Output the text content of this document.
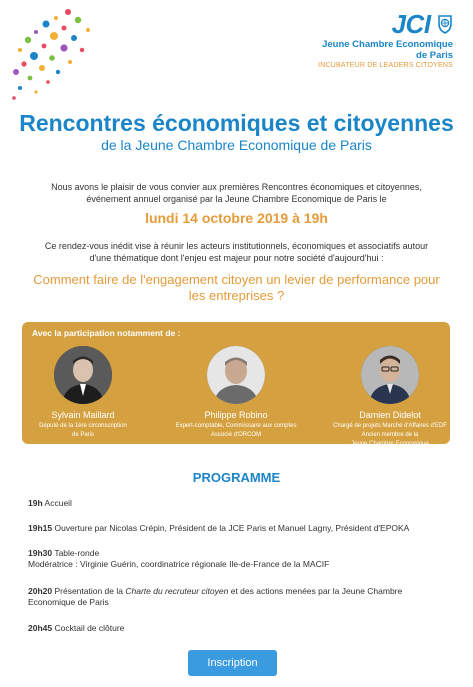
JCI
Jeune Chambre Economique
de Paris
INCUBATEUR DE LEADERS CITOYENS
Rencontres économiques et citoyennes
de la Jeune Chambre Economique de Paris
Nous avons le plaisir de vous convier aux premières Rencontres économiques et citoyennes, événement annuel organisé par la Jeune Chambre Economique de Paris le
lundi 14 octobre 2019 à 19h
Ce rendez-vous inédit vise à réunir les acteurs institutionnels, économiques et associatifs autour d'une thématique dont l'enjeu est majeur pour notre société d'aujourd'hui :
Comment faire de l'engagement citoyen un levier de performance pour les entreprises ?
Avec la participation notamment de :
Sylvain Maillard
Député de la 1ère circonscription
de Paris
Philippe Robino
Expert-comptable, Commissaire aux comptes
Associé d'ORCOM
Damien Didelot
Chargé de projets Marché d'Affaires d'EDF
Ancien membre de la
Jeune Chambre Economique
PROGRAMME
19h Accueil
19h15 Ouverture par Nicolas Crépin, Président de la JCE Paris et Manuel Lagny, Président d'EPOKA
19h30 Table-ronde
Modératrice : Virginie Guérin, coordinatrice régionale Ile-de-France de la MACIF
20h20 Présentation de la Charte du recruteur citoyen et des actions menées par la Jeune Chambre Economique de Paris
20h45 Cocktail de clôture
Inscription
